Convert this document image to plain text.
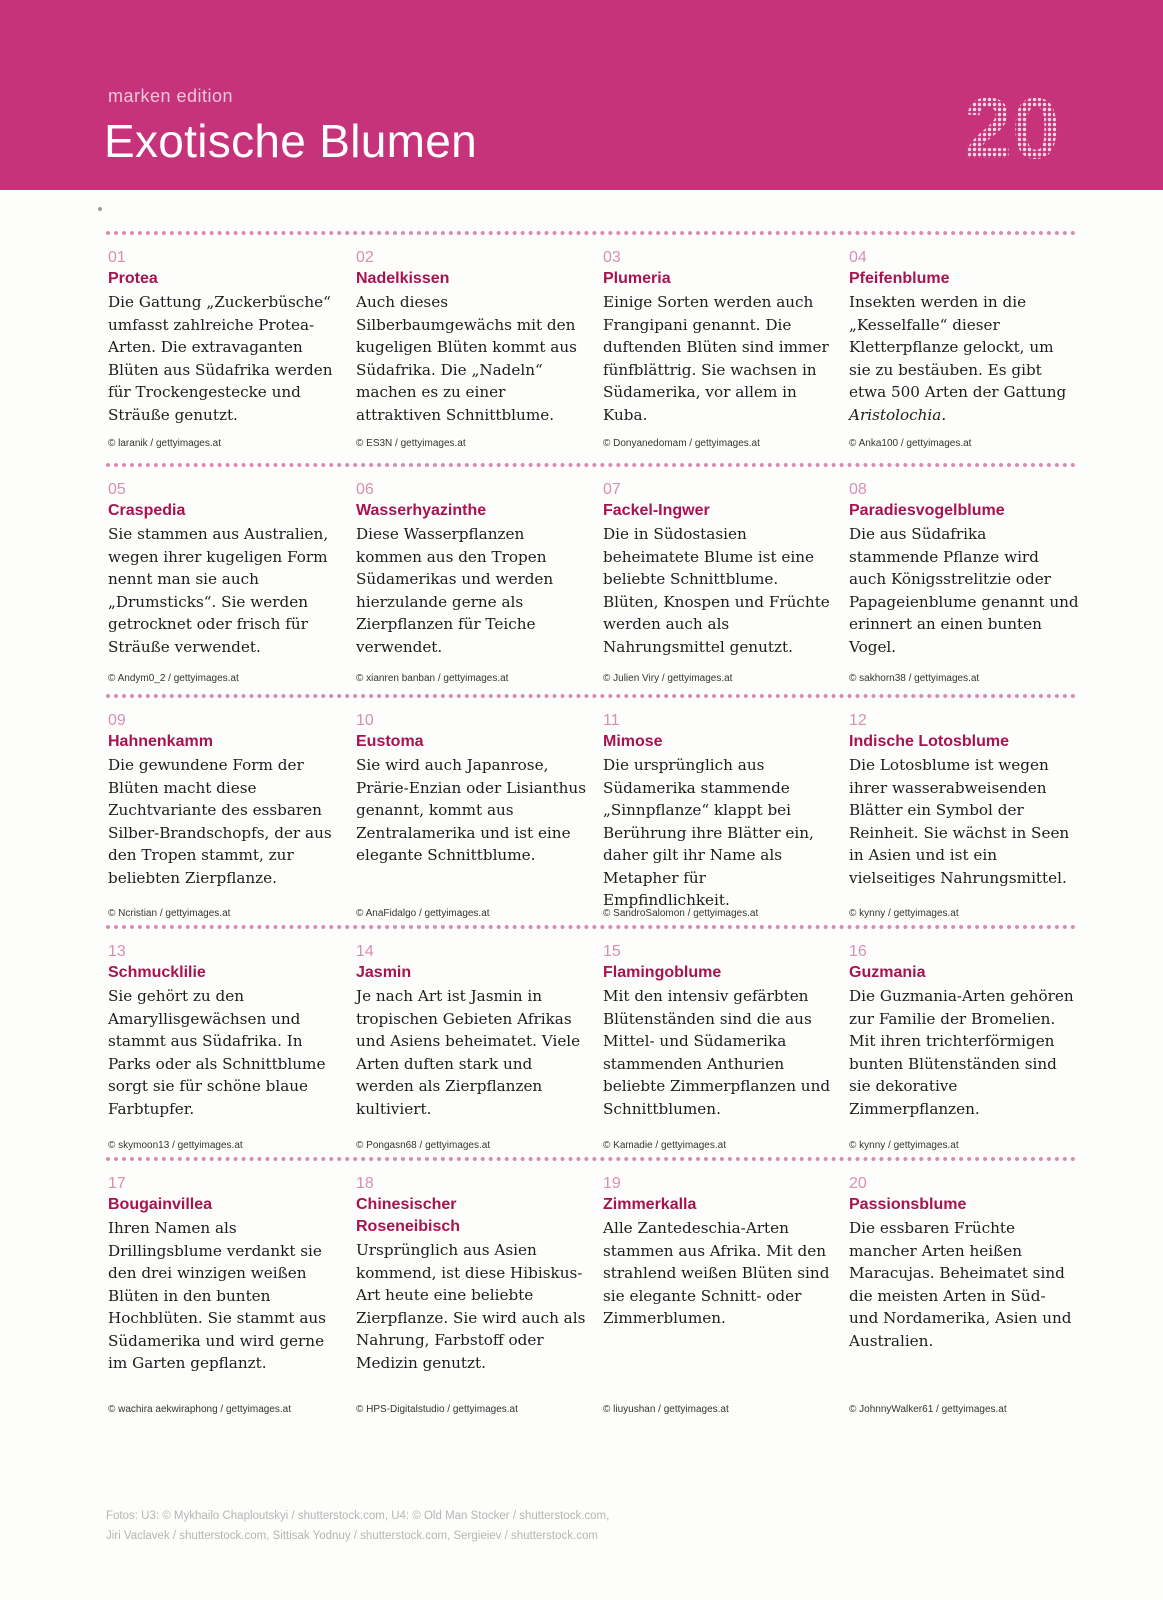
marken edition
Exotische Blumen
01
Protea
Die Gattung „Zuckerbüsche“ umfasst zahlreiche Protea-Arten. Die extravaganten Blüten aus Südafrika werden für Trockengestecke und Sträuße genutzt.
© laranik / gettyimages.at
02
Nadelkissen
Auch dieses Silberbaumgewächs mit den kugeligen Blüten kommt aus Südafrika. Die „Nadeln“ machen es zu einer attraktiven Schnittblume.
© ES3N / gettyimages.at
03
Plumeria
Einige Sorten werden auch Frangipani genannt. Die duftenden Blüten sind immer fünfblättrig. Sie wachsen in Südamerika, vor allem in Kuba.
© Donyanedomam / gettyimages.at
04
Pfeifenblume
Insekten werden in die „Kesselfalle“ dieser Kletterpflanze gelockt, um sie zu bestäuben. Es gibt etwa 500 Arten der Gattung Aristolochia.
© Anka100 / gettyimages.at
05
Craspedia
Sie stammen aus Australien, wegen ihrer kugeligen Form nennt man sie auch „Drumsticks“. Sie werden getrocknet oder frisch für Sträuße verwendet.
© Andym0_2 / gettyimages.at
06
Wasserhyazinthe
Diese Wasserpflanzen kommen aus den Tropen Südamerikas und werden hierzulande gerne als Zierpflanzen für Teiche verwendet.
© xianren banban / gettyimages.at
07
Fackel-Ingwer
Die in Südostasien beheimatete Blume ist eine beliebte Schnittblume. Blüten, Knospen und Früchte werden auch als Nahrungsmittel genutzt.
© Julien Viry / gettyimages.at
08
Paradiesvogelblume
Die aus Südafrika stammende Pflanze wird auch Königsstrelitzie oder Papageienblume genannt und erinnert an einen bunten Vogel.
© sakhorn38 / gettyimages.at
09
Hahnenkamm
Die gewundene Form der Blüten macht diese Zuchtvariante des essbaren Silber-Brandschopfs, der aus den Tropen stammt, zur beliebten Zierpflanze.
© Ncristian / gettyimages.at
10
Eustoma
Sie wird auch Japanrose, Prärie-Enzian oder Lisianthus genannt, kommt aus Zentralamerika und ist eine elegante Schnittblume.
© AnaFidalgo / gettyimages.at
11
Mimose
Die ursprünglich aus Südamerika stammende „Sinnpflanze“ klappt bei Berührung ihre Blätter ein, daher gilt ihr Name als Metapher für Empfindlichkeit.
© SandroSalomon / gettyimages.at
12
Indische Lotosblume
Die Lotosblume ist wegen ihrer wasserabweisenden Blätter ein Symbol der Reinheit. Sie wächst in Seen in Asien und ist ein vielseitiges Nahrungsmittel.
© kynny / gettyimages.at
13
Schmucklilie
Sie gehört zu den Amaryllisgewächsen und stammt aus Südafrika. In Parks oder als Schnittblume sorgt sie für schöne blaue Farbtupfer.
© skymoon13 / gettyimages.at
14
Jasmin
Je nach Art ist Jasmin in tropischen Gebieten Afrikas und Asiens beheimatet. Viele Arten duften stark und werden als Zierpflanzen kultiviert.
© Pongasn68 / gettyimages.at
15
Flamingoblume
Mit den intensiv gefärbten Blütenständen sind die aus Mittel- und Südamerika stammenden Anthurien beliebte Zimmerpflanzen und Schnittblumen.
© Kamadie / gettyimages.at
16
Guzmania
Die Guzmania-Arten gehören zur Familie der Bromelien. Mit ihren trichterförmigen bunten Blütenständen sind sie dekorative Zimmerpflanzen.
© kynny / gettyimages.at
17
Bougainvillea
Ihren Namen als Drillingsblume verdankt sie den drei winzigen weißen Blüten in den bunten Hochblüten. Sie stammt aus Südamerika und wird gerne im Garten gepflanzt.
© wachira aekwiraphong / gettyimages.at
18
Chinesischer Roseneibisch
Ursprünglich aus Asien kommend, ist diese Hibiskus-Art heute eine beliebte Zierpflanze. Sie wird auch als Nahrung, Farbstoff oder Medizin genutzt.
© HPS-Digitalstudio / gettyimages.at
19
Zimmerkalla
Alle Zantedeschia-Arten stammen aus Afrika. Mit den strahlend weißen Blüten sind sie elegante Schnitt- oder Zimmerblumen.
© liuyushan / gettyimages.at
20
Passionsblume
Die essbaren Früchte mancher Arten heißen Maracujas. Beheimatet sind die meisten Arten in Süd- und Nordamerika, Asien und Australien.
© JohnnyWalker61 / gettyimages.at
Fotos: U3: © Mykhailo Chaploutskyi / shutterstock.com, U4: © Old Man Stocker / shutterstock.com,
Jiri Vaclavek / shutterstock.com, Sittisak Yodnuy / shutterstock.com, Sergieiev / shutterstock.com
